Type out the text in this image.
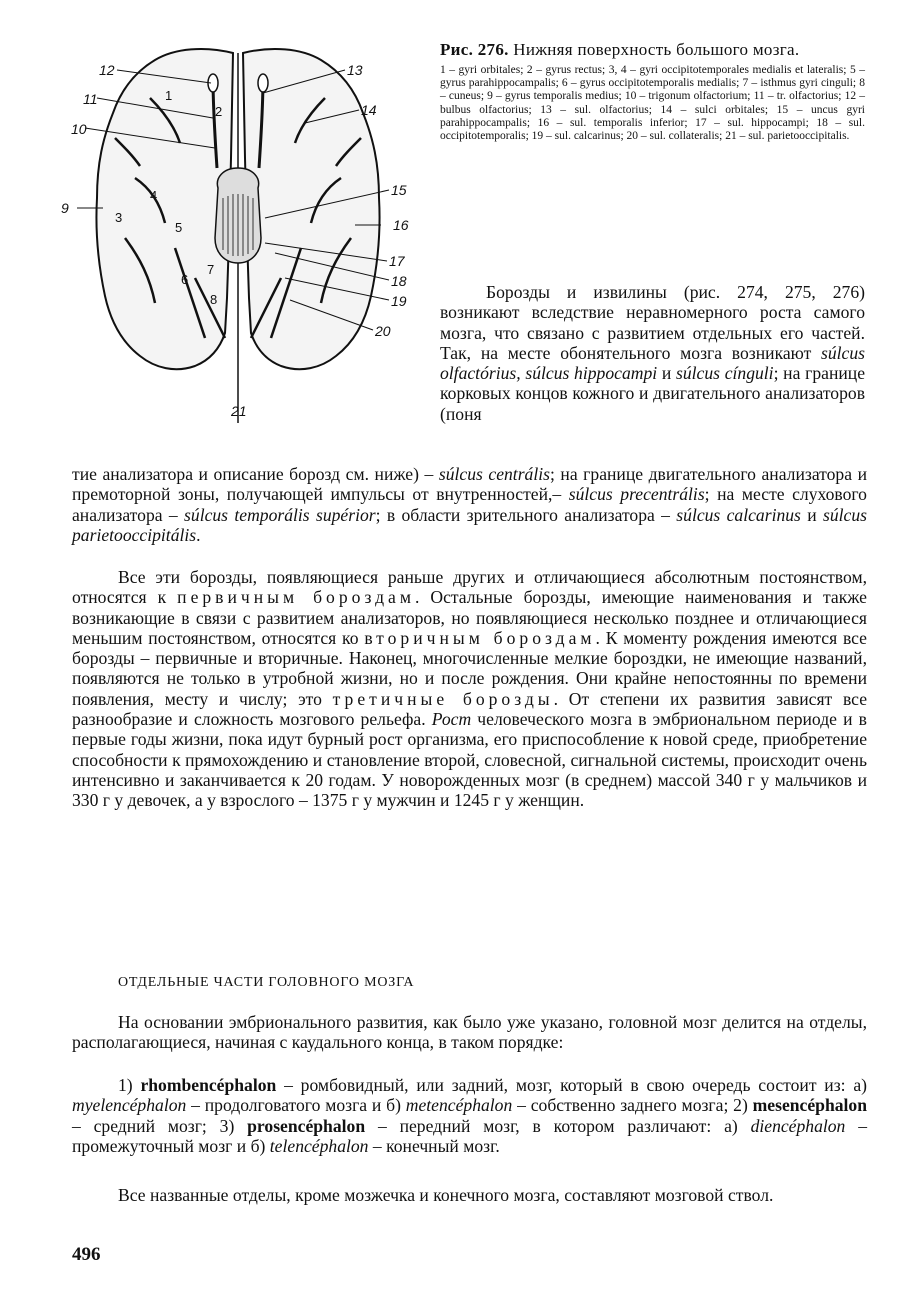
12
11
10
9
13
14
15
16
17
18
19
20
21
1
2
3
4
5
6
7
8
Рис. 276. Нижняя поверхность большого мозга.
1 – gyri orbitales; 2 – gyrus rectus; 3, 4 – gyri occipitotemporales medialis et lateralis; 5 – gyrus parahippocampalis; 6 – gyrus occipitotemporalis medialis; 7 – isthmus gyri cinguli; 8 – cuneus; 9 – gyrus temporalis medius; 10 – trigonum olfactorium; 11 – tr. olfactorius; 12 – bulbus olfactorius; 13 – sul. olfactorius; 14 – sulci orbitales; 15 – uncus gyri parahippocampalis; 16 – sul. temporalis inferior; 17 – sul. hippocampi; 18 – sul. occipitotemporalis; 19 – sul. calcarinus; 20 – sul. collateralis; 21 – sul. parietooccipitalis.
Борозды и извилины (рис. 274, 275, 276) возникают вследствие неравномерного роста самого мозга, что связано с развитием отдельных его частей. Так, на месте обонятельного мозга возникают súlcus olfactórius, súlcus hippocampi и súlcus cínguli; на границе корковых концов кожного и двигательного анализаторов (поня
тие анализатора и описание борозд см. ниже) – súlcus centrális; на границе двигательного анализатора и премоторной зоны, получающей импульсы от внутренностей,– súlcus precentrális; на месте слухового анализатора – súlcus temporális supérior; в области зрительного анализатора – súlcus calcarinus и súlcus parietooccipitális.
Все эти борозды, появляющиеся раньше других и отличающиеся абсолютным постоянством, относятся к первичным бороздам. Остальные борозды, имеющие наименования и также возникающие в связи с развитием анализаторов, но появляющиеся несколько позднее и отличающиеся меньшим постоянством, относятся ко вторичным бороздам. К моменту рождения имеются все борозды – первичные и вторичные. Наконец, многочисленные мелкие бороздки, не имеющие названий, появляются не только в утробной жизни, но и после рождения. Они крайне непостоянны по времени появления, месту и числу; это третичные борозды. От степени их развития зависят все разнообразие и сложность мозгового рельефа. Рост человеческого мозга в эмбриональном периоде и в первые годы жизни, пока идут бурный рост организма, его приспособление к новой среде, приобретение способности к прямохождению и становление второй, словесной, сигнальной системы, происходит очень интенсивно и заканчивается к 20 годам. У новорожденных мозг (в среднем) массой 340 г у мальчиков и 330 г у девочек, а у взрослого – 1375 г у мужчин и 1245 г у женщин.
ОТДЕЛЬНЫЕ ЧАСТИ ГОЛОВНОГО МОЗГА
На основании эмбрионального развития, как было уже указано, головной мозг делится на отделы, располагающиеся, начиная с каудального конца, в таком порядке:
1) rhombencéphalon – ромбовидный, или задний, мозг, который в свою очередь состоит из: а) myelencéphalon – продолговатого мозга и б) metencéphalon – собственно заднего мозга; 2) mesencéphalon – средний мозг; 3) prosencéphalon – передний мозг, в котором различают: а) diencéphalon – промежуточный мозг и б) telencéphalon – конечный мозг.
Все названные отделы, кроме мозжечка и конечного мозга, составляют мозговой ствол.
496
